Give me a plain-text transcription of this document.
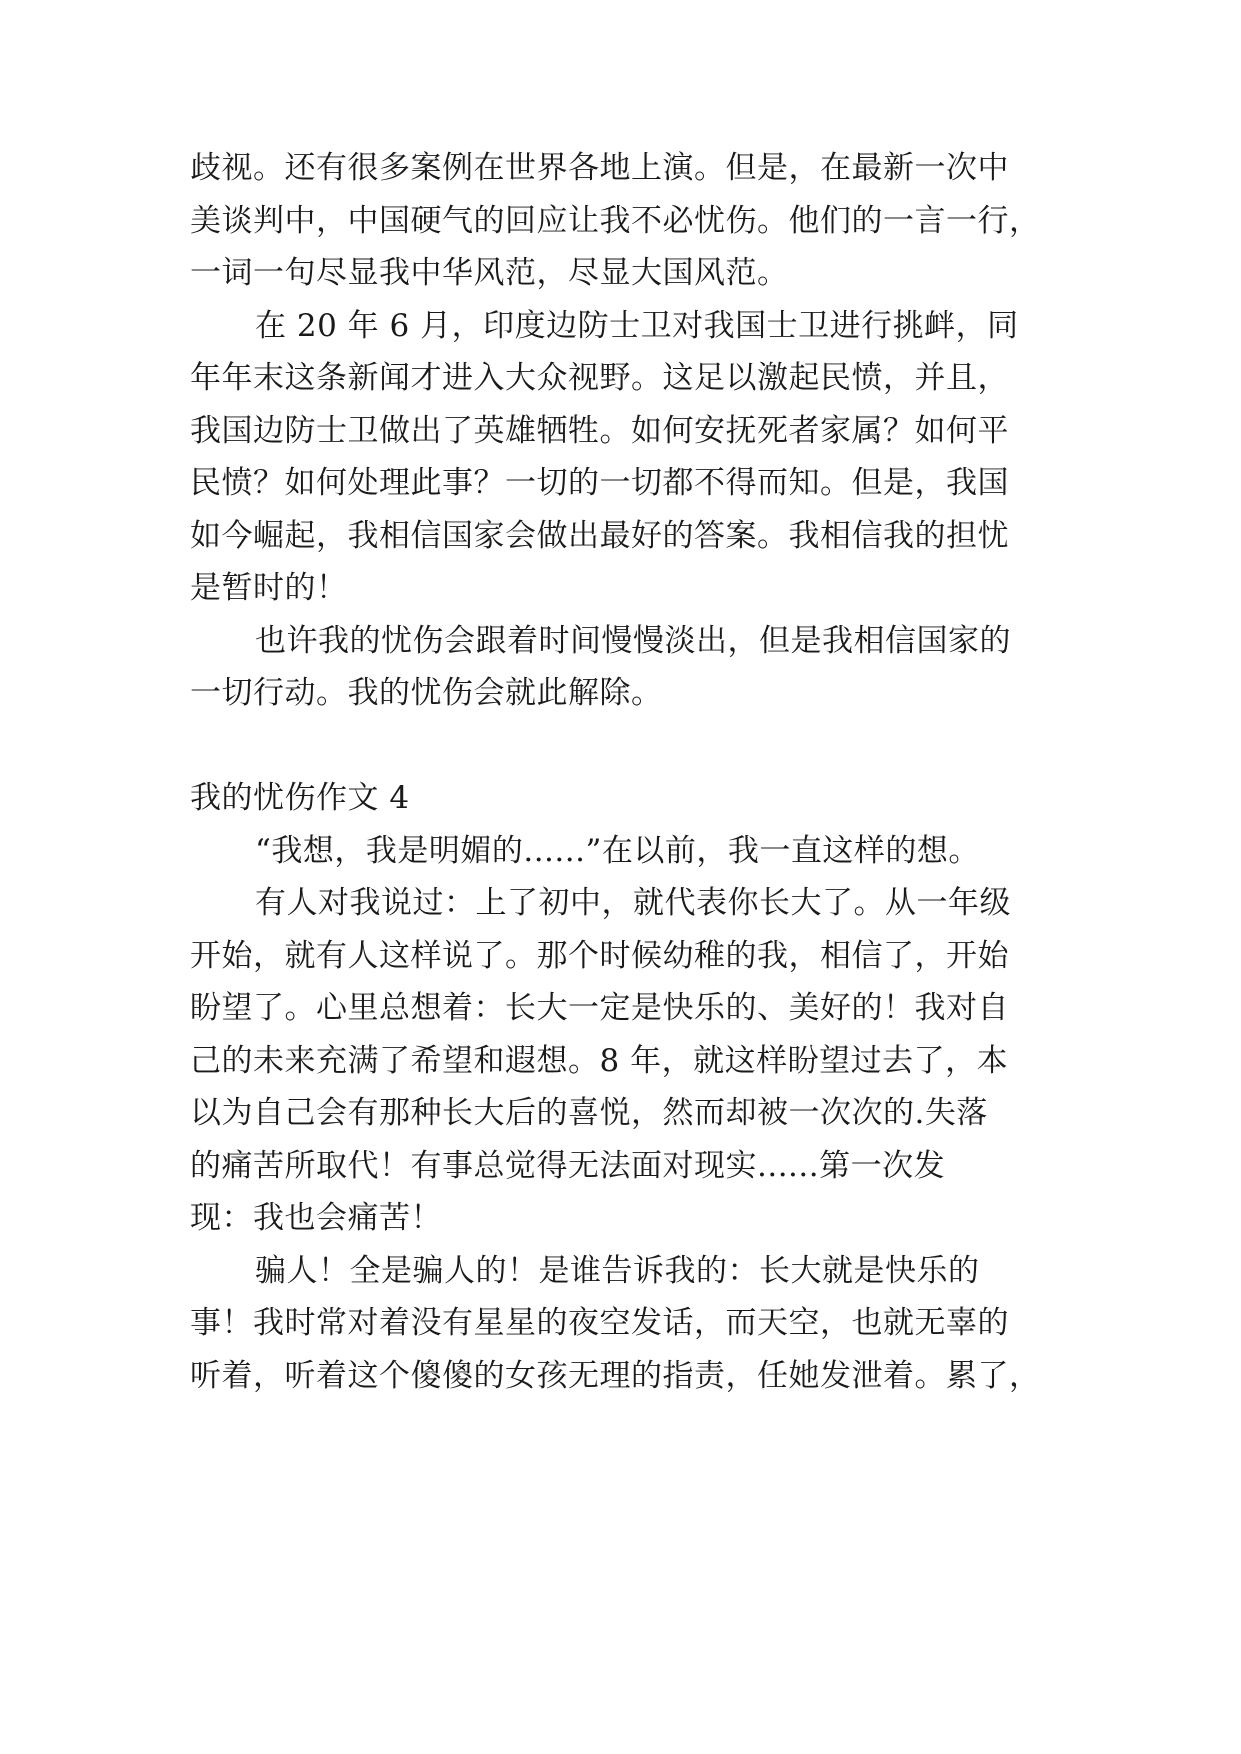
歧视。还有很多案例在世界各地上演。但是，在最新一次中
美谈判中，中国硬气的回应让我不必忧伤。他们的一言一行，
一词一句尽显我中华风范，尽显大国风范。
在 20 年 6 月，印度边防士卫对我国士卫进行挑衅，同
年年末这条新闻才进入大众视野。这足以激起民愤，并且，
我国边防士卫做出了英雄牺牲。如何安抚死者家属？如何平
民愤？如何处理此事？一切的一切都不得而知。但是，我国
如今崛起，我相信国家会做出最好的答案。我相信我的担忧
是暂时的！
也许我的忧伤会跟着时间慢慢淡出，但是我相信国家的
一切行动。我的忧伤会就此解除。
我的忧伤作文 4
“我想，我是明媚的......”在以前，我一直这样的想。
有人对我说过：上了初中，就代表你长大了。从一年级
开始，就有人这样说了。那个时候幼稚的我，相信了，开始
盼望了。心里总想着：长大一定是快乐的、美好的！我对自
己的未来充满了希望和遐想。8 年，就这样盼望过去了，本
以为自己会有那种长大后的喜悦，然而却被一次次的.失落
的痛苦所取代！有事总觉得无法面对现实......第一次发
现：我也会痛苦！
骗人！全是骗人的！是谁告诉我的：长大就是快乐的
事！我时常对着没有星星的夜空发话，而天空，也就无辜的
听着，听着这个傻傻的女孩无理的指责，任她发泄着。累了，
